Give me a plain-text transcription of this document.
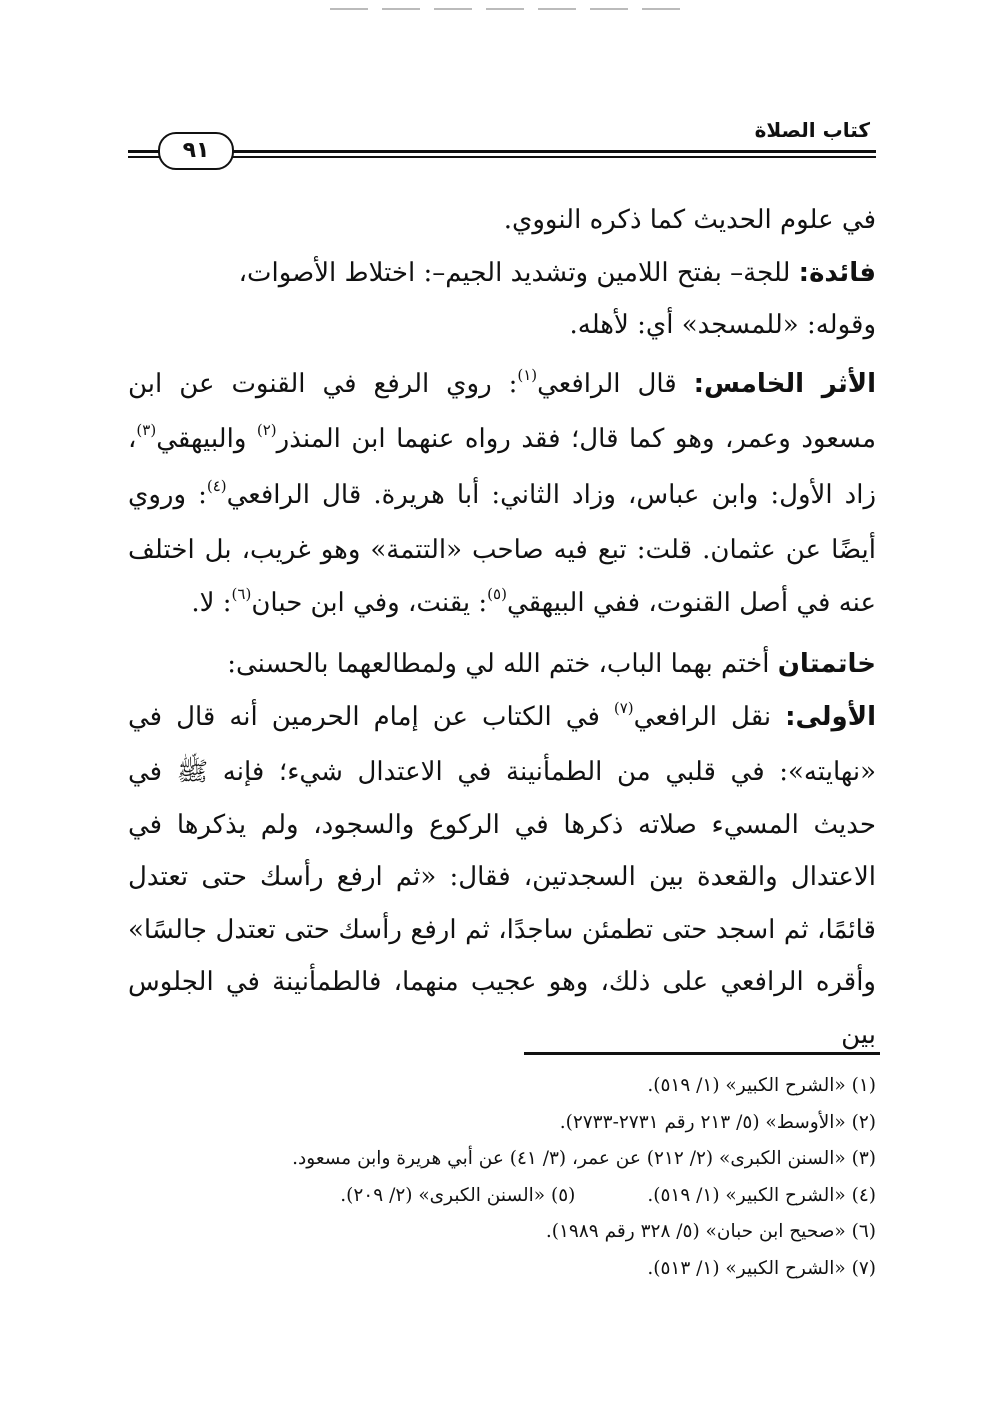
كتاب الصلاة
٩١

في علوم الحديث كما ذكره النووي.

فائدة: للجة– بفتح اللامين وتشديد الجيم–: اختلاط الأصوات،

وقوله: «للمسجد» أي: لأهله.

الأثر الخامس: قال الرافعي$^{(١)}$: روي الرفع في القنوت عن ابن مسعود وعمر، وهو كما قال؛ فقد رواه عنهما ابن المنذر$^{(٢)}$ والبيهقي$^{(٣)}$، زاد الأول: وابن عباس، وزاد الثاني: أبا هريرة. قال الرافعي$^{(٤)}$: وروي أيضًا عن عثمان. قلت: تبع فيه صاحب «التتمة» وهو غريب، بل اختلف عنه في أصل القنوت، ففي البيهقي$^{(٥)}$: يقنت، وفي ابن حبان$^{(٦)}$: لا.

خاتمتان أختم بهما الباب، ختم الله لي ولمطالعهما بالحسنى:

الأولى: نقل الرافعي$^{(٧)}$ في الكتاب عن إمام الحرمين أنه قال في «نهايته»: في قلبي من الطمأنينة في الاعتدال شيء؛ فإنه ﷺ في حديث المسيء صلاته ذكرها في الركوع والسجود، ولم يذكرها في الاعتدال والقعدة بين السجدتين، فقال: «ثم ارفع رأسك حتى تعتدل قائمًا، ثم اسجد حتى تطمئن ساجدًا، ثم ارفع رأسك حتى تعتدل جالسًا» وأقره الرافعي على ذلك، وهو عجيب منهما، فالطمأنينة في الجلوس بين

(١) «الشرح الكبير» (١/ ٥١٩).
(٢) «الأوسط» (٥/ ٢١٣ رقم ٢٧٣١-٢٧٣٣).
(٣) «السنن الكبرى» (٢/ ٢١٢) عن عمر، (٣/ ٤١) عن أبي هريرة وابن مسعود.
(٤) «الشرح الكبير» (١/ ٥١٩).(٥) «السنن الكبرى» (٢/ ٢٠٩).
(٦) «صحيح ابن حبان» (٥/ ٣٢٨ رقم ١٩٨٩).
(٧) «الشرح الكبير» (١/ ٥١٣).
